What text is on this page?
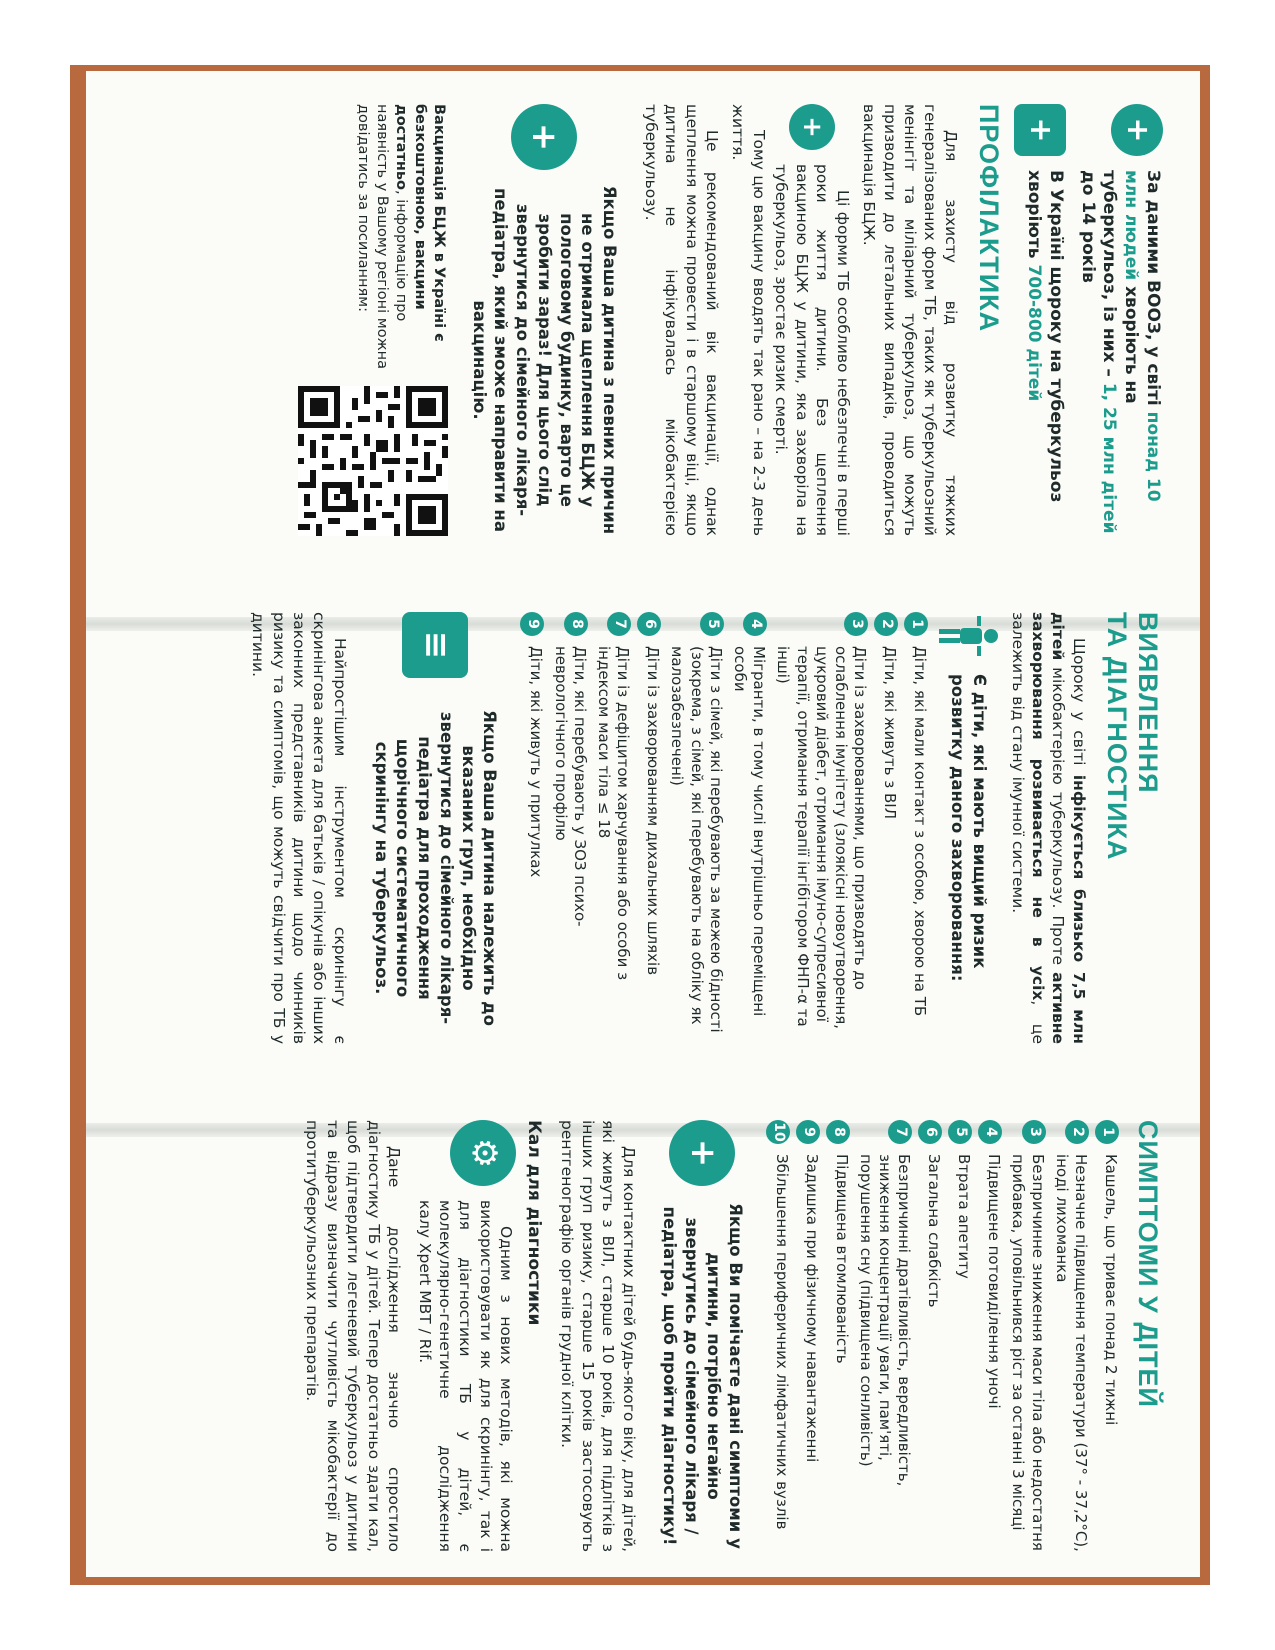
+
За даними ВООЗ, у світі понад 10 млн людей хворіють на туберкульоз, із них – 1, 25 млн дітей до 14 років
+
В Україні щороку на туберкульоз хворіють 700-800 дітей
ПРОФІЛАКТИКА

Для захисту від розвитку тяжких генералізованих форм ТБ, таких як туберкульозний менінгіт та міліарний туберкульоз, що можуть призводити до летальних випадків, проводиться вакцинація БЦЖ.

+

Ці форми ТБ особливо небезпечні в перші роки життя дитини. Без щеплення вакциною БЦЖ у дитини, яка захворіла на туберкульоз, зростає ризик смерті.

Тому цю вакцину вводять так рано – на 2-3 день життя.

Це рекомендований вік вакцинації, однак щеплення можна провести і в старшому віці, якщо дитина не інфікувалась мікобактерією туберкульозу.

+
Якщо Ваша дитина з певних причин не отримала щеплення БЦЖ у пологовому будинку, варто це зробити зараз! Для цього слід звернутися до сімейного лікаря-педіатра, який зможе направити на вакцинацію.
Вакцинація БЦЖ в Україні є безкоштовною, вакцини достатньо, інформацію про наявність у Вашому регіоні можна довідатись за посиланням:
ВИЯВЛЕННЯ
ТА ДІАГНОСТИКА

Щороку у світі інфікується близько 7,5 млн дітей мікобактерією туберкульозу. Проте активне захворювання розвивається не в усіх, це залежить від стану імунної системи.

Є діти, які мають вищий ризик розвитку даного захворювання:
1
Діти, які мали контакт з особою, хворою на ТБ
2
Діти, які живуть з ВІЛ
3
Діти із захворюваннями, що призводять до ослаблення імунітету (злоякісні новоутворення, цукровий діабет, отримання імуно-супресивної терапії, отримання терапії інгібітором ФНП-α та інші)
4
Мігранти, в тому числі внутрішньо переміщені особи
5
Діти з сімей, які перебувають за межею бідності (зокрема, з сімей, які перебувають на обліку як малозабезпечені)
6
Діти із захворюванням дихальних шляхів
7
Діти із дефіцитом харчування або особи з індексом маси тіла ≤ 18
8
Діти, які перебувають у ЗОЗ психо-неврологічного профілю
9
Діти, які живуть у притулках
≡
Якщо Ваша дитина належить до вказаних груп, необхідно звернутися до сімейного лікаря-педіатра для проходження щорічного систематичного скринінгу на туберкульоз.

Найпростішим інструментом скринінгу є скринінгова анкета для батьків / опікунів або інших законних представників дитини щодо чинників ризику та симптомів, що можуть свідчити про ТБ у дитини.

СИМПТОМИ У ДІТЕЙ
1
Кашель, що триває понад 2 тижні
2
Незначне підвищення температури (37° - 37,2°С), іноді лихоманка
3
Безпричинне зниження маси тіла або недостатня прибавка, уповільнився ріст за останні 3 місяці
4
Підвищене потовиділення уночі
5
Втрата апетиту
6
Загальна слабкість
7
Безпричинні дратівливість, вередливість, зниження концентрації уваги, пам'яті, порушення сну (підвищена сонливість)
8
Підвищена втомлюваність
9
Задишка при фізичному навантаженні
10
Збільшення периферичних лімфатичних вузлів
+
Якщо Ви помічаєте дані симптоми у дитини, потрібно негайно звернутись до сімейного лікаря / педіатра, щоб пройти діагностику!

Для контактних дітей будь-якого віку, для дітей, які живуть з ВІЛ, старше 10 років, для підлітків з інших груп ризику, старше 15 років застосовують рентгенографію органів грудної клітки.

Кал для діагностики
⚙

Одним з нових методів, які можна використовувати як для скринінгу, так і для діагностики ТБ у дітей, є молекулярно-генетичне дослідження калу Xpert MBT / Rif.

Дане дослідження значно спростило діагностику ТБ у дітей. Тепер достатньо здати кал, щоб підтвердити легеневий туберкульоз у дитини та відразу визначити чутливість мікобактерії до протитуберкульозних препаратів.
